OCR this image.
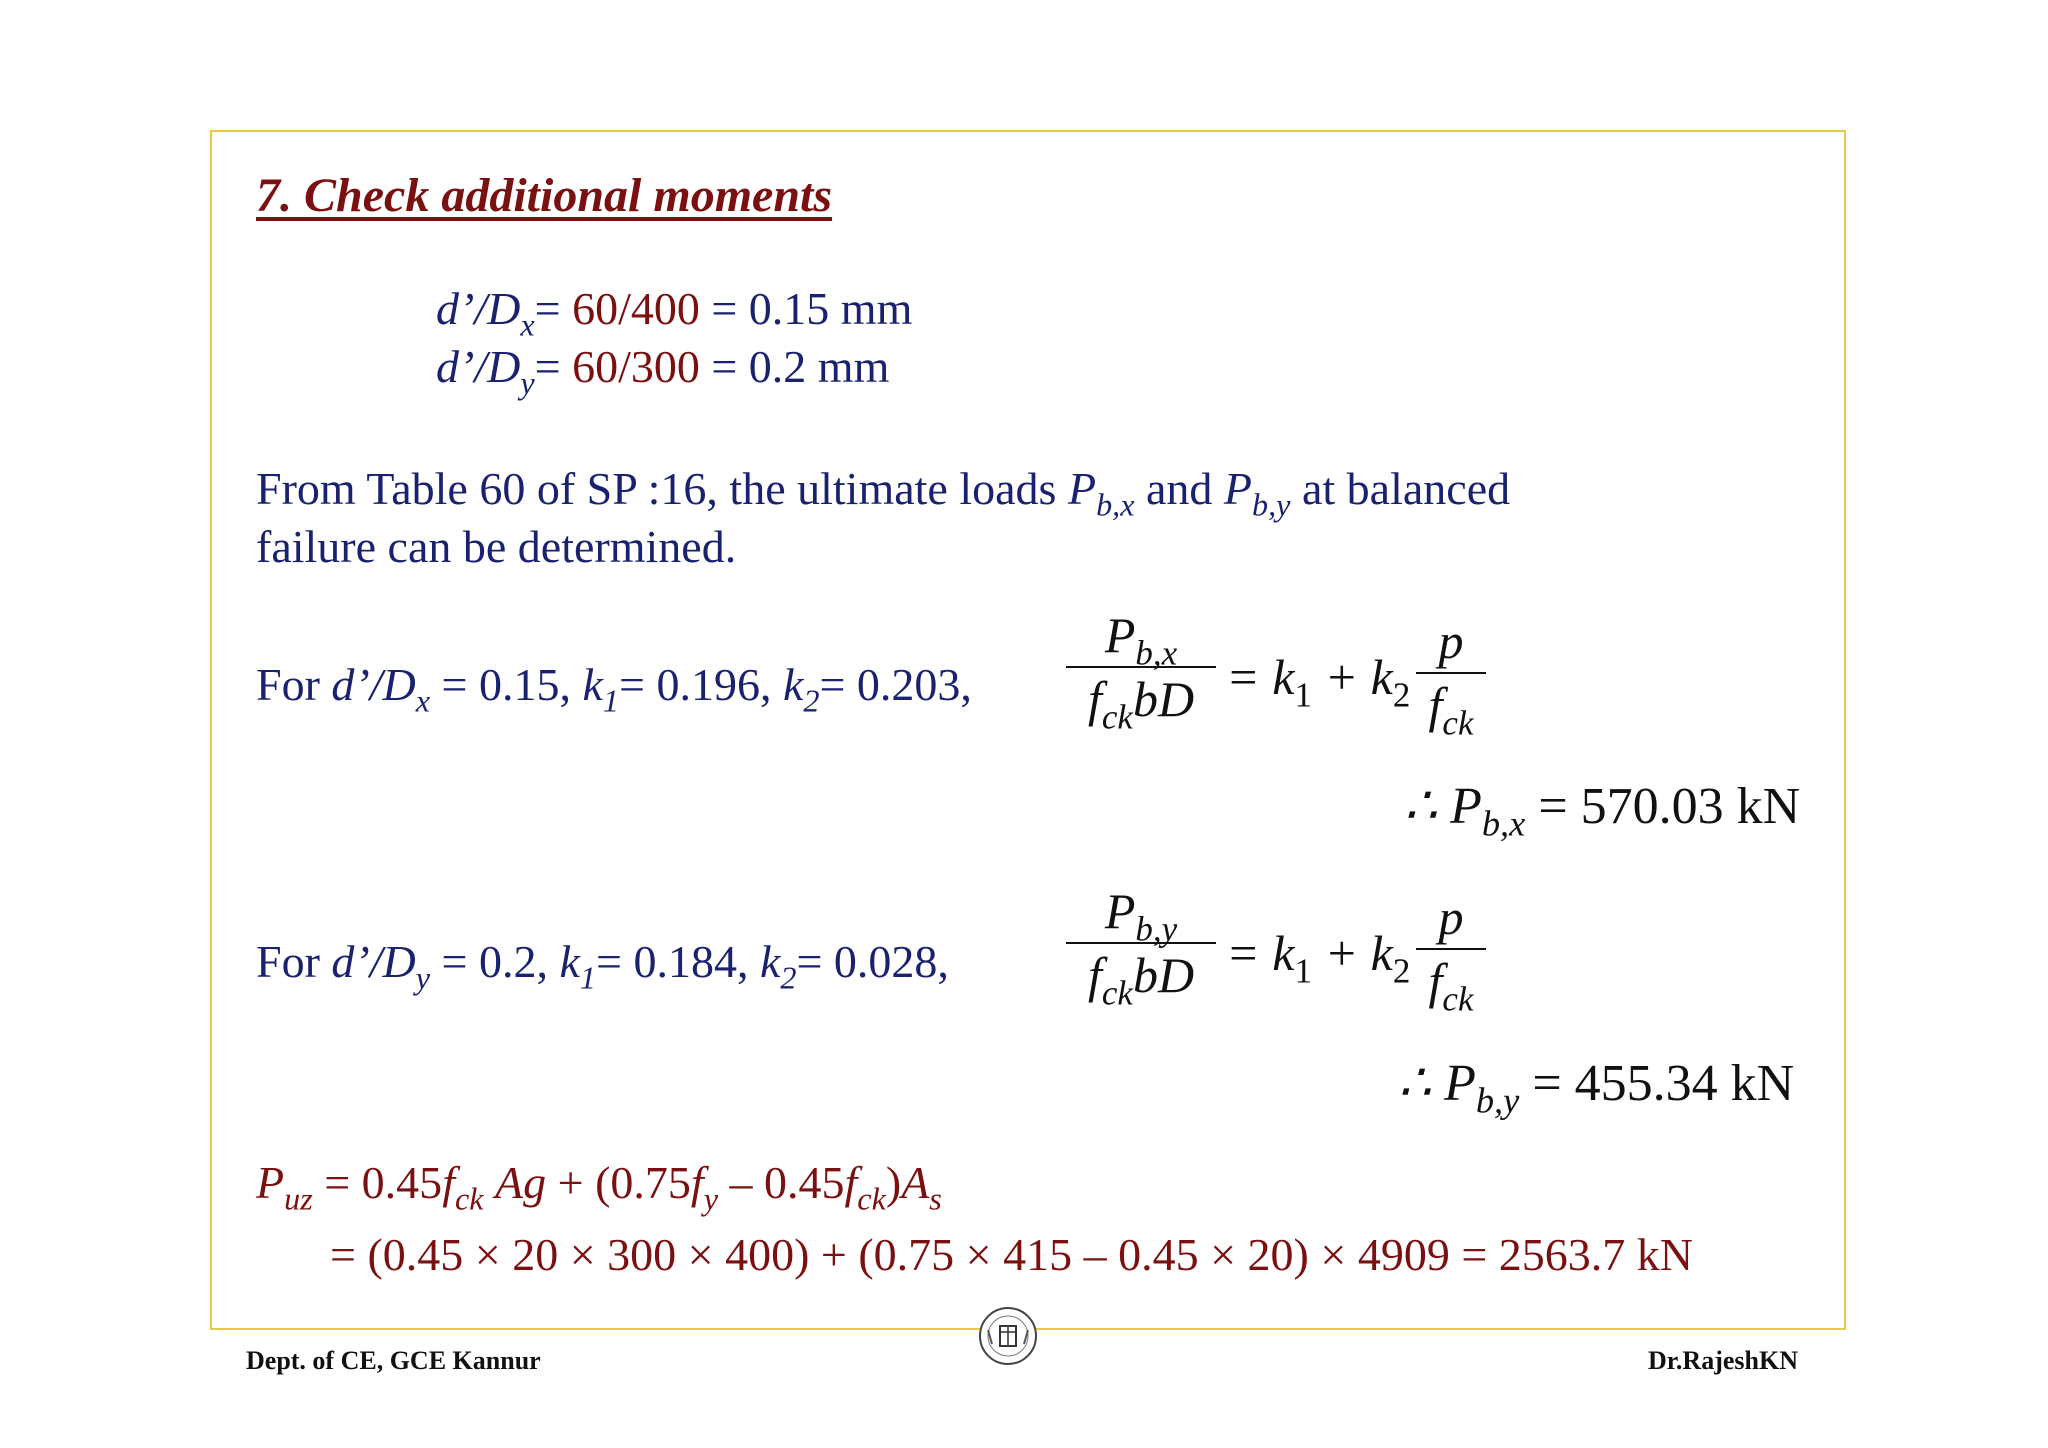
7. Check additional moments
$d’/D_x= 60/400 = 0.15$ mm
$d’/D_y= 60/300 = 0.2$ mm
From Table 60 of SP :16, the ultimate loads $P_{b,x}$ and $P_{b,y}$ at balanced
failure can be determined.
For $d’/D_x = 0.15$, $k_1= 0.196$, $k_2= 0.203$,
$P_{b,x}$
$f_{ck}bD = k_1 + k_2$
p
$f_{ck}$
∴ $P_{b,x} = 570.03$ kN
For $d’/D_y = 0.2$, $k_1= 0.184$, $k_2= 0.028$,
$P_{b,y}$
$f_{ck}bD = k_1 + k_2$
p
$f_{ck}$
∴ $P_{b,y} = 455.34$ kN
$P_{uz} = 0.45f_{ck}$ $Ag + (0.75f_y - 0.45f_{ck})A_s$
= (0.45 × 20 × 300 × 400) + (0.75 × 415 – 0.45 × 20) × 4909 = 2563.7 kN
Dept. of CE, GCE Kannur	Dr.RajeshKN
